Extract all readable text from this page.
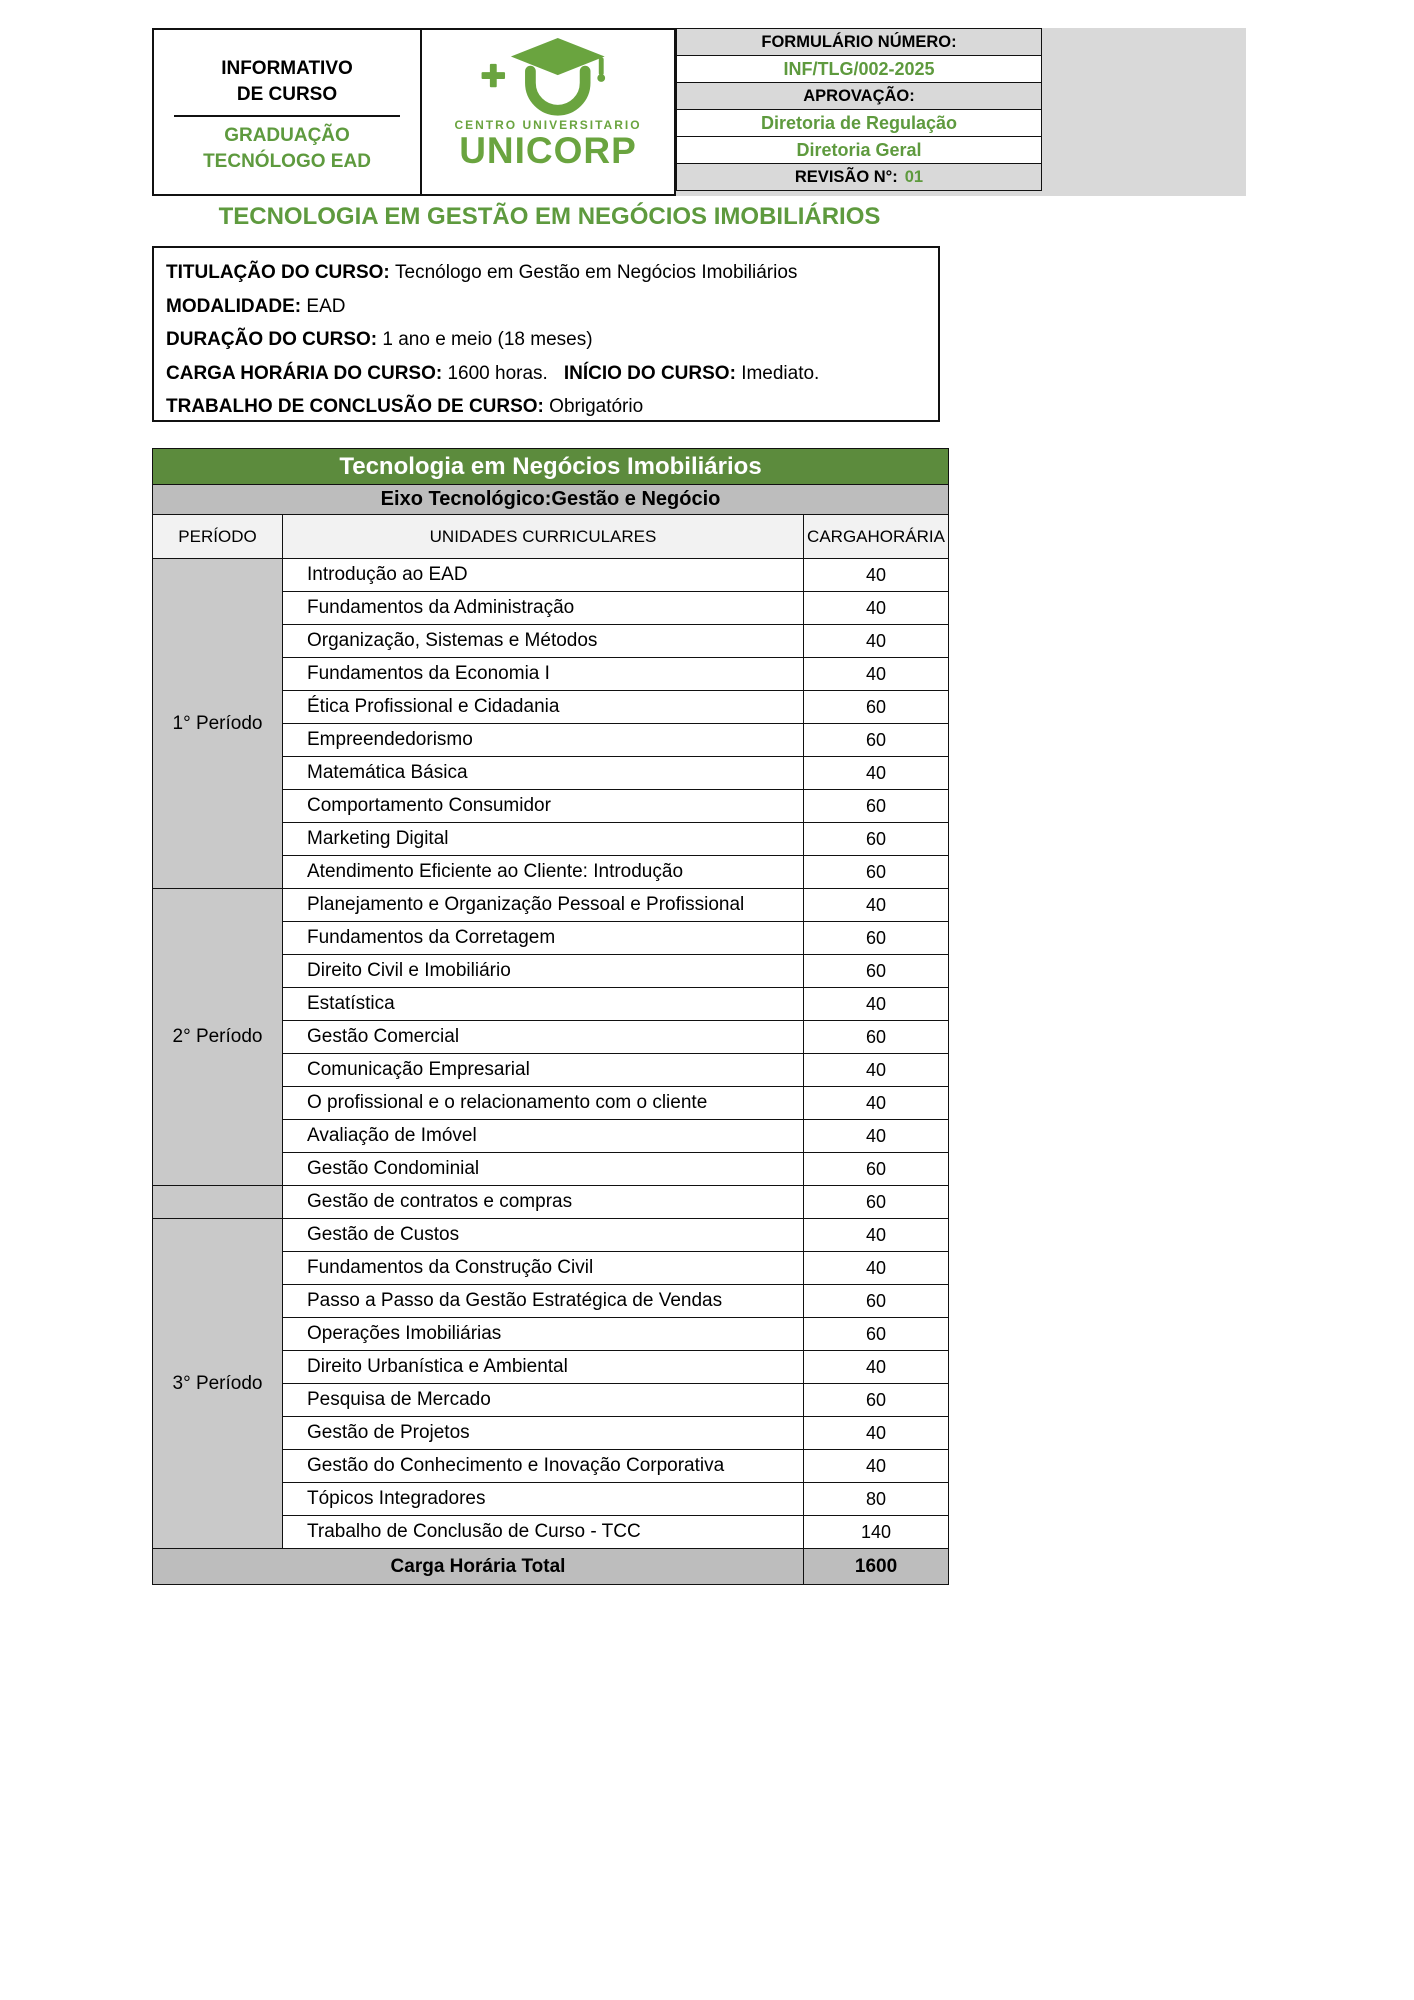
INFORMATIVO
DE CURSO
GRADUAÇÃO
TECNÓLOGO EAD
CENTRO UNIVERSITARIO
UNICORP
FORMULÁRIO NÚMERO:
INF/TLG/002-2025
APROVAÇÃO:
Diretoria de Regulação
Diretoria Geral
REVISÃO N°: 01
TECNOLOGIA EM GESTÃO EM NEGÓCIOS IMOBILIÁRIOS
TITULAÇÃO DO CURSO: Tecnólogo em Gestão em Negócios Imobiliários
MODALIDADE: EAD
DURAÇÃO DO CURSO: 1 ano e meio (18 meses)
CARGA HORÁRIA DO CURSO: 1600 horas. INÍCIO DO CURSO: Imediato.
TRABALHO DE CONCLUSÃO DE CURSO: Obrigatório
Tecnologia em Negócios Imobiliários		
Eixo Tecnológico:Gestão e Negócio		
PERÍODO	UNIDADES CURRICULARES	CARGAHORÁRIA
1° Período	Introdução ao EAD	40
	Fundamentos da Administração	40
	Organização, Sistemas e Métodos	40
	Fundamentos da Economia I	40
	Ética Profissional e Cidadania	60
	Empreendedorismo	60
	Matemática Básica	40
	Comportamento Consumidor	60
	Marketing Digital	60
	Atendimento Eficiente ao Cliente: Introdução	60
2° Período	Planejamento e Organização Pessoal e Profissional	40
	Fundamentos da Corretagem	60
	Direito Civil e Imobiliário	60
	Estatística	40
	Gestão Comercial	60
	Comunicação Empresarial	40
	O profissional e o relacionamento com o cliente	40
	Avaliação de Imóvel	40
	Gestão Condominial	60
	Gestão de contratos e compras	60
3° Período	Gestão de Custos	40
	Fundamentos da Construção Civil	40
	Passo a Passo da Gestão Estratégica de Vendas	60
	Operações Imobiliárias	60
	Direito Urbanística e Ambiental	40
	Pesquisa de Mercado	60
	Gestão de Projetos	40
	Gestão do Conhecimento e Inovação Corporativa	40
	Tópicos Integradores	80
	Trabalho de Conclusão de Curso - TCC	140
Carga Horária Total		1600
